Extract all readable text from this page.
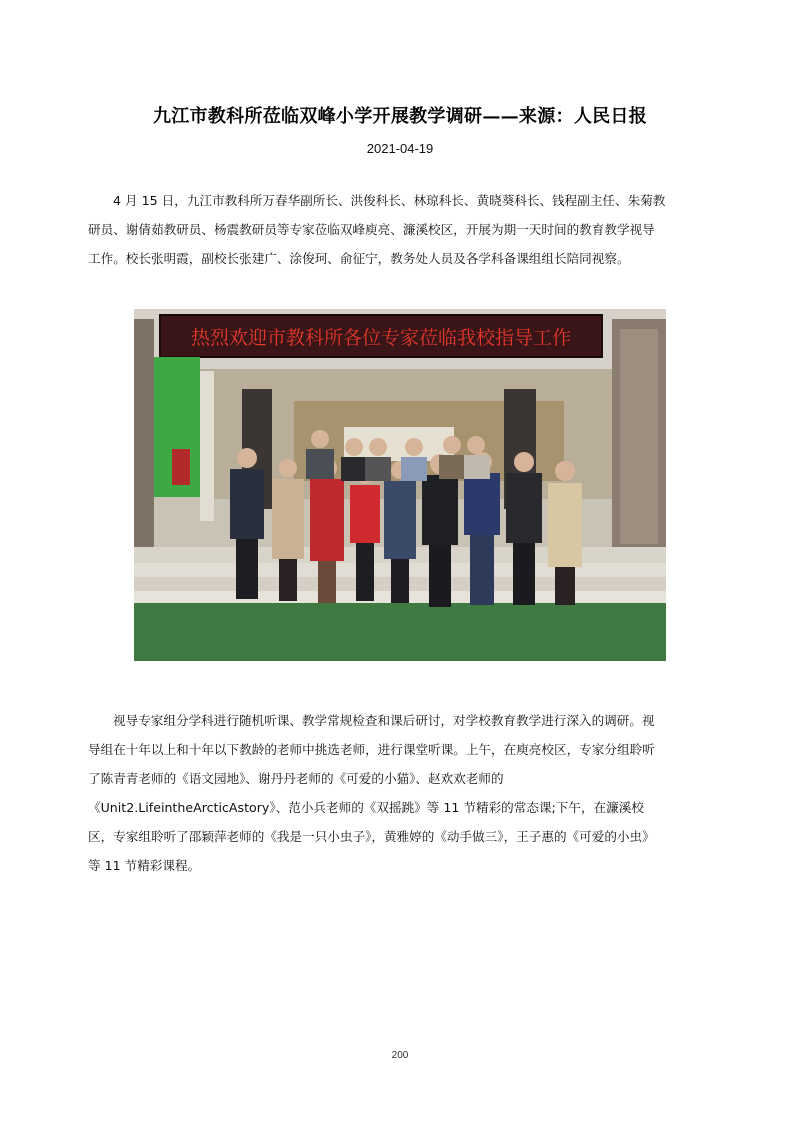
九江市教科所莅临双峰小学开展教学调研——来源：人民日报
2021-04-19
4 月 15 日，九江市教科所万春华副所长、洪俊科长、林琼科长、黄晓葵科长、钱程副主任、朱菊教
研员、谢倩茹教研员、杨震教研员等专家莅临双峰庾亮、濂溪校区，开展为期一天时间的教育教学视导
工作。校长张明霞，副校长张建广、涂俊珂、俞征宁，教务处人员及各学科备课组组长陪同视察。
热烈欢迎市教科所各位专家莅临我校指导工作
视导专家组分学科进行随机听课、教学常规检查和课后研讨，对学校教育教学进行深入的调研。视
导组在十年以上和十年以下教龄的老师中挑选老师，进行课堂听课。上午，在庾亮校区，专家分组聆听
了陈青青老师的《语文园地》、谢丹丹老师的《可爱的小猫》、赵欢欢老师的
《Unit2.LifeintheArcticAstory》、范小兵老师的《双摇跳》等 11 节精彩的常态课;下午，在濂溪校
区，专家组聆听了邵颖萍老师的《我是一只小虫子》，黄雅婷的《动手做三》，王子惠的《可爱的小虫》
等 11 节精彩课程。
200
